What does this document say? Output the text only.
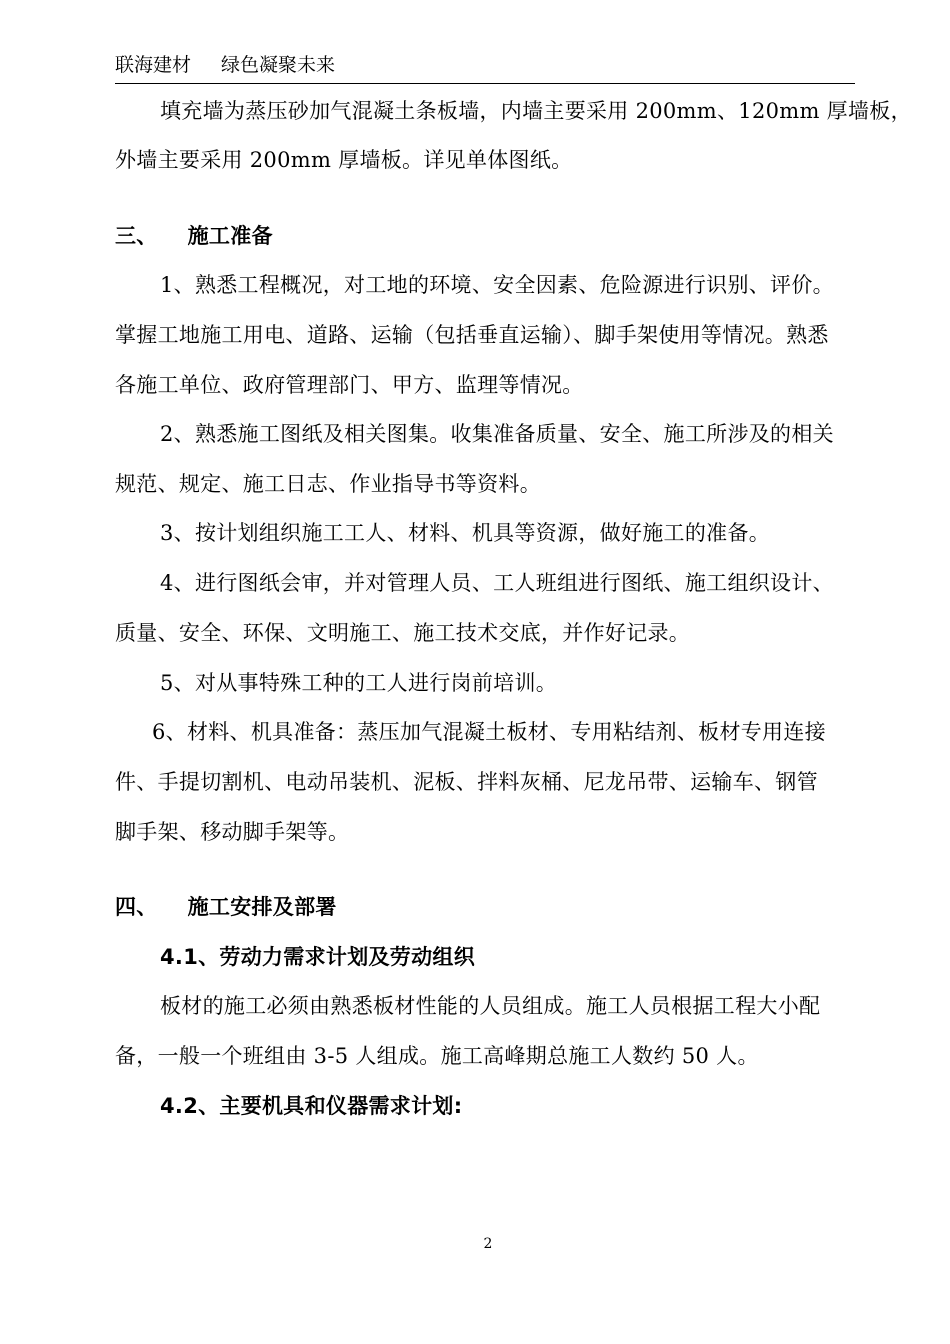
联海建材 绿色凝聚未来
填充墙为蒸压砂加气混凝土条板墙，内墙主要采用 200mm、120mm 厚墙板，
外墙主要采用 200mm 厚墙板。详见单体图纸。
三、 施工准备
1、熟悉工程概况，对工地的环境、安全因素、危险源进行识别、评价。
掌握工地施工用电、道路、运输（包括垂直运输）、脚手架使用等情况。熟悉
各施工单位、政府管理部门、甲方、监理等情况。
2、熟悉施工图纸及相关图集。收集准备质量、安全、施工所涉及的相关
规范、规定、施工日志、作业指导书等资料。
3、按计划组织施工工人、材料、机具等资源，做好施工的准备。
4、进行图纸会审，并对管理人员、工人班组进行图纸、施工组织设计、
质量、安全、环保、文明施工、施工技术交底，并作好记录。
5、对从事特殊工种的工人进行岗前培训。
6、材料、机具准备：蒸压加气混凝土板材、专用粘结剂、板材专用连接
件、手提切割机、电动吊装机、泥板、拌料灰桶、尼龙吊带、运输车、钢管
脚手架、移动脚手架等。
四、 施工安排及部署
4.1、劳动力需求计划及劳动组织
板材的施工必须由熟悉板材性能的人员组成。施工人员根据工程大小配
备，一般一个班组由 3-5 人组成。施工高峰期总施工人数约 50 人。
4.2、主要机具和仪器需求计划:
2
